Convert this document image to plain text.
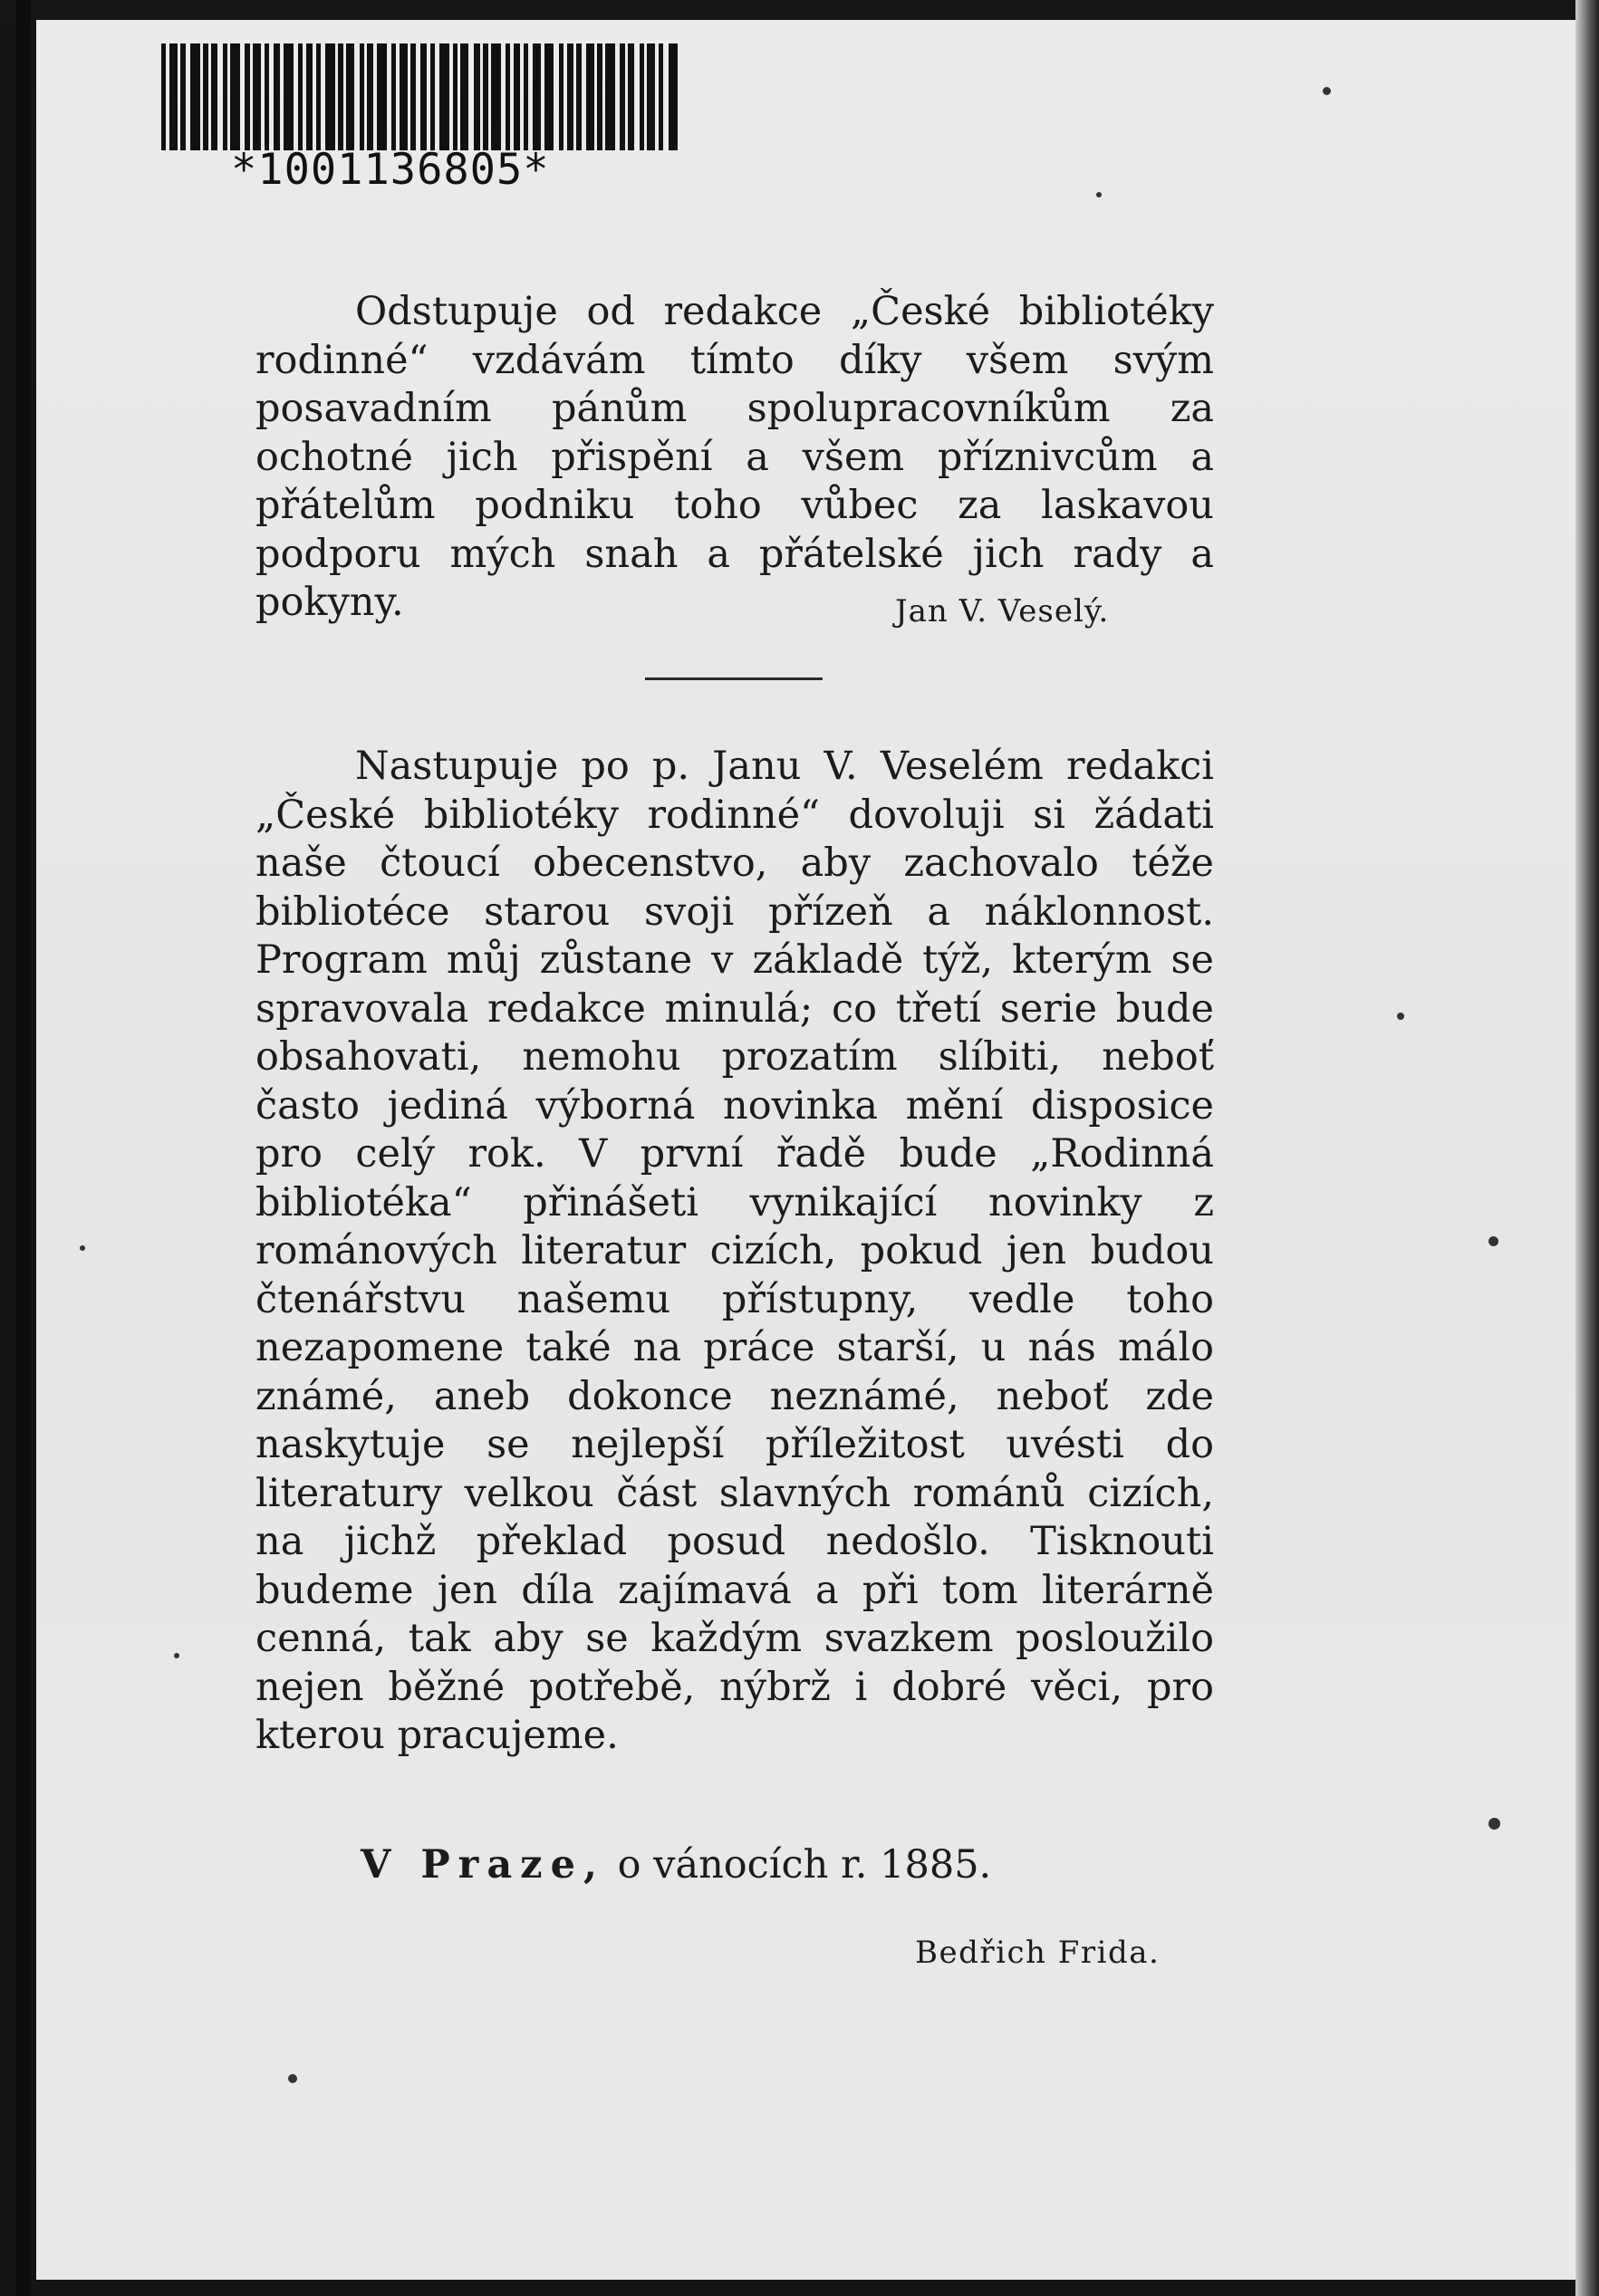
*1001136805*

Odstupuje od redakce „České bibliotéky rodinné“ vzdávám tímto díky všem svým posavadním pánům spolupracovníkům za ochotné jich přispění a všem příznivcům a přátelům podniku toho vůbec za laskavou podporu mých snah a přátelské jich rady a pokyny.	Jan V. Veselý.

Nastupuje po p. Janu V. Veselém redakci „České bibliotéky rodinné“ dovoluji si žádati naše čtoucí obecenstvo, aby zachovalo téže bibliotéce starou svoji přízeň a náklonnost. Program můj zůstane v základě týž, kterým se spravovala redakce minulá; co třetí serie bude obsahovati, nemohu prozatím slíbiti, neboť často jediná výborná novinka mění disposice pro celý rok. V první řadě bude „Rodinná bibliotéka“ přinášeti vynikající novinky z románových literatur cizích, pokud jen budou čtenářstvu našemu přístupny, vedle toho nezapomene také na práce starší, u nás málo známé, aneb dokonce neznámé, neboť zde naskytuje se nejlepší příležitost uvésti do literatury velkou část slavných románů cizích, na jichž překlad posud nedošlo. Tisknouti budeme jen díla zajímavá a při tom literárně cenná, tak aby se každým svazkem posloužilo nejen běžné potřebě, nýbrž i dobré věci, pro kterou pracujeme.

V Praze, o vánocích r. 1885.
Bedřich Frida.
